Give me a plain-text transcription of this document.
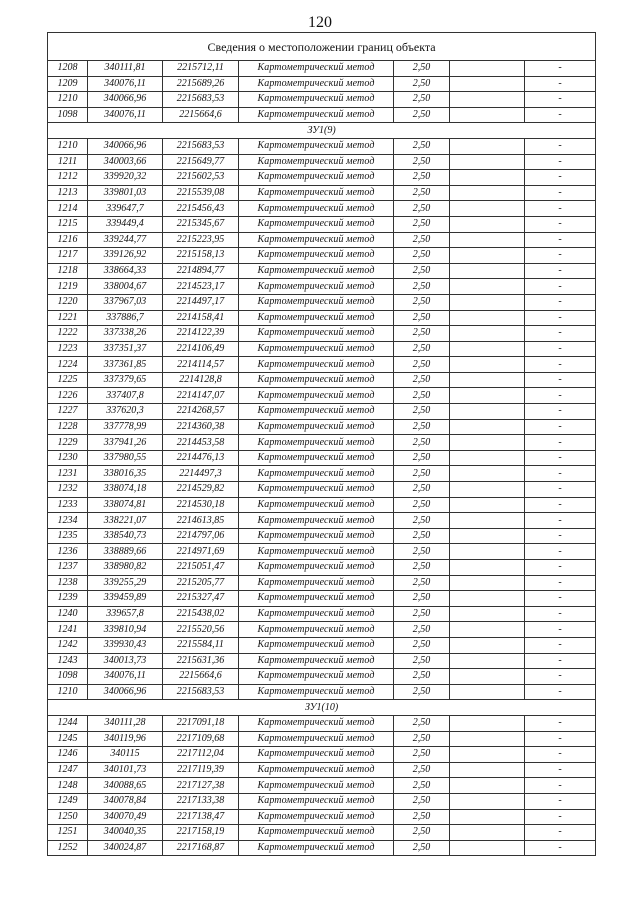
120
Сведения о местоположении границ объекта						
1208	340111,81	2215712,11	Картометрический метод	2,50		-
1209	340076,11	2215689,26	Картометрический метод	2,50		-
1210	340066,96	2215683,53	Картометрический метод	2,50		-
1098	340076,11	2215664,6	Картометрический метод	2,50		-
ЗУ1(9)						
1210	340066,96	2215683,53	Картометрический метод	2,50		-
1211	340003,66	2215649,77	Картометрический метод	2,50		-
1212	339920,32	2215602,53	Картометрический метод	2,50		-
1213	339801,03	2215539,08	Картометрический метод	2,50		-
1214	339647,7	2215456,43	Картометрический метод	2,50		-
1215	339449,4	2215345,67	Картометрический метод	2,50		-
1216	339244,77	2215223,95	Картометрический метод	2,50		-
1217	339126,92	2215158,13	Картометрический метод	2,50		-
1218	338664,33	2214894,77	Картометрический метод	2,50		-
1219	338004,67	2214523,17	Картометрический метод	2,50		-
1220	337967,03	2214497,17	Картометрический метод	2,50		-
1221	337886,7	2214158,41	Картометрический метод	2,50		-
1222	337338,26	2214122,39	Картометрический метод	2,50		-
1223	337351,37	2214106,49	Картометрический метод	2,50		-
1224	337361,85	2214114,57	Картометрический метод	2,50		-
1225	337379,65	2214128,8	Картометрический метод	2,50		-
1226	337407,8	2214147,07	Картометрический метод	2,50		-
1227	337620,3	2214268,57	Картометрический метод	2,50		-
1228	337778,99	2214360,38	Картометрический метод	2,50		-
1229	337941,26	2214453,58	Картометрический метод	2,50		-
1230	337980,55	2214476,13	Картометрический метод	2,50		-
1231	338016,35	2214497,3	Картометрический метод	2,50		-
1232	338074,18	2214529,82	Картометрический метод	2,50		-
1233	338074,81	2214530,18	Картометрический метод	2,50		-
1234	338221,07	2214613,85	Картометрический метод	2,50		-
1235	338540,73	2214797,06	Картометрический метод	2,50		-
1236	338889,66	2214971,69	Картометрический метод	2,50		-
1237	338980,82	2215051,47	Картометрический метод	2,50		-
1238	339255,29	2215205,77	Картометрический метод	2,50		-
1239	339459,89	2215327,47	Картометрический метод	2,50		-
1240	339657,8	2215438,02	Картометрический метод	2,50		-
1241	339810,94	2215520,56	Картометрический метод	2,50		-
1242	339930,43	2215584,11	Картометрический метод	2,50		-
1243	340013,73	2215631,36	Картометрический метод	2,50		-
1098	340076,11	2215664,6	Картометрический метод	2,50		-
1210	340066,96	2215683,53	Картометрический метод	2,50		-
ЗУ1(10)						
1244	340111,28	2217091,18	Картометрический метод	2,50		-
1245	340119,96	2217109,68	Картометрический метод	2,50		-
1246	340115	2217112,04	Картометрический метод	2,50		-
1247	340101,73	2217119,39	Картометрический метод	2,50		-
1248	340088,65	2217127,38	Картометрический метод	2,50		-
1249	340078,84	2217133,38	Картометрический метод	2,50		-
1250	340070,49	2217138,47	Картометрический метод	2,50		-
1251	340040,35	2217158,19	Картометрический метод	2,50		-
1252	340024,87	2217168,87	Картометрический метод	2,50		-
